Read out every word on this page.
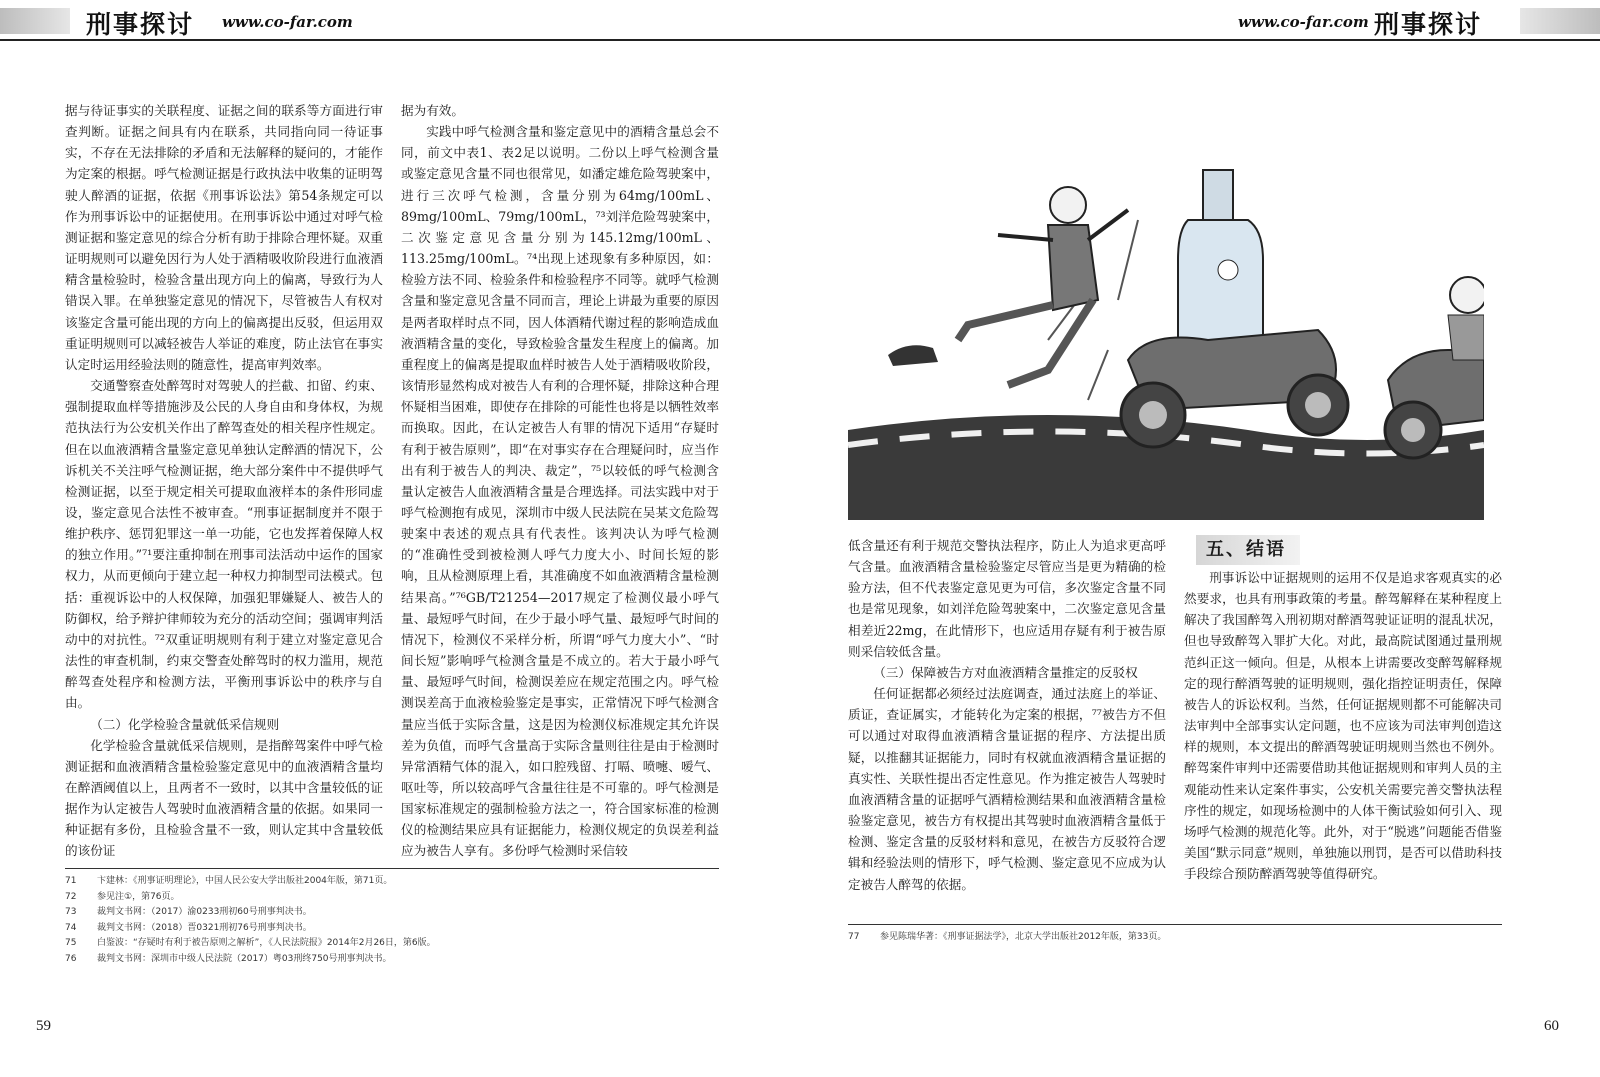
刑事探讨 www.co-far.com	www.co-far.com 刑事探讨

据与待证事实的关联程度、证据之间的联系等方面进行审查判断。证据之间具有内在联系，共同指向同一待证事实，不存在无法排除的矛盾和无法解释的疑问的，才能作为定案的根据。呼气检测证据是行政执法中收集的证明驾驶人醉酒的证据，依据《刑事诉讼法》第54条规定可以作为刑事诉讼中的证据使用。在刑事诉讼中通过对呼气检测证据和鉴定意见的综合分析有助于排除合理怀疑。双重证明规则可以避免因行为人处于酒精吸收阶段进行血液酒精含量检验时，检验含量出现方向上的偏离，导致行为人错误入罪。在单独鉴定意见的情况下，尽管被告人有权对该鉴定含量可能出现的方向上的偏离提出反驳，但运用双重证明规则可以减轻被告人举证的难度，防止法官在事实认定时运用经验法则的随意性，提高审判效率。

交通警察查处醉驾时对驾驶人的拦截、扣留、约束、强制提取血样等措施涉及公民的人身自由和身体权，为规范执法行为公安机关作出了醉驾查处的相关程序性规定。但在以血液酒精含量鉴定意见单独认定醉酒的情况下，公诉机关不关注呼气检测证据，绝大部分案件中不提供呼气检测证据，以至于规定相关可提取血液样本的条件形同虚设，鉴定意见合法性不被审查。“刑事证据制度并不限于维护秩序、惩罚犯罪这一单一功能，它也发挥着保障人权的独立作用。”⁷¹要注重抑制在刑事司法活动中运作的国家权力，从而更倾向于建立起一种权力抑制型司法模式。包括：重视诉讼中的人权保障，加强犯罪嫌疑人、被告人的防御权，给予辩护律师较为充分的活动空间；强调审判活动中的对抗性。⁷²双重证明规则有利于建立对鉴定意见合法性的审查机制，约束交警查处醉驾时的权力滥用，规范醉驾查处程序和检测方法，平衡刑事诉讼中的秩序与自由。

（二）化学检验含量就低采信规则

化学检验含量就低采信规则，是指醉驾案件中呼气检测证据和血液酒精含量检验鉴定意见中的血液酒精含量均在醉酒阈值以上，且两者不一致时，以其中含量较低的证据作为认定被告人驾驶时血液酒精含量的依据。如果同一种证据有多份，且检验含量不一致，则认定其中含量较低的该份证

据为有效。

实践中呼气检测含量和鉴定意见中的酒精含量总会不同，前文中表1、表2足以说明。二份以上呼气检测含量或鉴定意见含量不同也很常见，如潘定雄危险驾驶案中，进行三次呼气检测，含量分别为64mg/100mL、89mg/100mL、79mg/100mL，⁷³刘洋危险驾驶案中，二次鉴定意见含量分别为145.12mg/100mL、113.25mg/100mL。⁷⁴出现上述现象有多种原因，如：检验方法不同、检验条件和检验程序不同等。就呼气检测含量和鉴定意见含量不同而言，理论上讲最为重要的原因是两者取样时点不同，因人体酒精代谢过程的影响造成血液酒精含量的变化，导致检验含量发生程度上的偏离。加重程度上的偏离是提取血样时被告人处于酒精吸收阶段，该情形显然构成对被告人有利的合理怀疑，排除这种合理怀疑相当困难，即使存在排除的可能性也将是以牺牲效率而换取。因此，在认定被告人有罪的情况下适用“存疑时有利于被告原则”，即“在对事实存在合理疑问时，应当作出有利于被告人的判决、裁定”，⁷⁵以较低的呼气检测含量认定被告人血液酒精含量是合理选择。司法实践中对于呼气检测抱有成见，深圳市中级人民法院在吴某文危险驾驶案中表述的观点具有代表性。该判决认为呼气检测的“准确性受到被检测人呼气力度大小、时间长短的影响，且从检测原理上看，其准确度不如血液酒精含量检测结果高。”⁷⁶GB/T21254—2017规定了检测仪最小呼气量、最短呼气时间，在少于最小呼气量、最短呼气时间的情况下，检测仪不采样分析，所谓“呼气力度大小”、“时间长短”影响呼气检测含量是不成立的。若大于最小呼气量、最短呼气时间，检测误差应在规定范围之内。呼气检测误差高于血液检验鉴定是事实，正常情况下呼气检测含量应当低于实际含量，这是因为检测仪标准规定其允许误差为负值，而呼气含量高于实际含量则往往是由于检测时异常酒精气体的混入，如口腔残留、打嗝、喷嚏、嗳气、呕吐等，所以较高呼气含量往往是不可靠的。呼气检测是国家标准规定的强制检验方法之一，符合国家标准的检测仪的检测结果应具有证据能力，检测仪规定的负误差利益应为被告人享有。多份呼气检测时采信较

71	卞建林：《刑事证明理论》，中国人民公安大学出版社2004年版，第71页。
72	参见注①，第76页。
73	裁判文书网：（2017）渝0233刑初60号刑事判决书。
74	裁判文书网：（2018）晋0321刑初76号刑事判决书。
75	白鉴波：“存疑时有利于被告原则之解析”，《人民法院报》2014年2月26日，第6版。
76	裁判文书网：深圳市中级人民法院（2017）粤03刑终750号刑事判决书。
59

低含量还有利于规范交警执法程序，防止人为追求更高呼气含量。血液酒精含量检验鉴定尽管应当是更为精确的检验方法，但不代表鉴定意见更为可信，多次鉴定含量不同也是常见现象，如刘洋危险驾驶案中，二次鉴定意见含量相差近22mg，在此情形下，也应适用存疑有利于被告原则采信较低含量。

（三）保障被告方对血液酒精含量推定的反驳权

任何证据都必须经过法庭调查，通过法庭上的举证、质证，查证属实，才能转化为定案的根据，⁷⁷被告方不但可以通过对取得血液酒精含量证据的程序、方法提出质疑，以推翻其证据能力，同时有权就血液酒精含量证据的真实性、关联性提出否定性意见。作为推定被告人驾驶时血液酒精含量的证据呼气酒精检测结果和血液酒精含量检验鉴定意见，被告方有权提出其驾驶时血液酒精含量低于检测、鉴定含量的反驳材料和意见，在被告方反驳符合逻辑和经验法则的情形下，呼气检测、鉴定意见不应成为认定被告人醉驾的依据。

五、结语

刑事诉讼中证据规则的运用不仅是追求客观真实的必然要求，也具有刑事政策的考量。醉驾解释在某种程度上解决了我国醉驾入刑初期对醉酒驾驶证证明的混乱状况，但也导致醉驾入罪扩大化。对此，最高院试图通过量刑规范纠正这一倾向。但是，从根本上讲需要改变醉驾解释规定的现行醉酒驾驶的证明规则，强化指控证明责任，保障被告人的诉讼权利。当然，任何证据规则都不可能解决司法审判中全部事实认定问题，也不应该为司法审判创造这样的规则，本文提出的醉酒驾驶证明规则当然也不例外。醉驾案件审判中还需要借助其他证据规则和审判人员的主观能动性来认定案件事实，公安机关需要完善交警执法程序性的规定，如现场检测中的人体干衡试验如何引入、现场呼气检测的规范化等。此外，对于“脱逃”问题能否借鉴美国“默示同意”规则，单独施以刑罚，是否可以借助科技手段综合预防醉酒驾驶等值得研究。

77	参见陈瑞华著：《刑事证据法学》，北京大学出版社2012年版，第33页。
60
